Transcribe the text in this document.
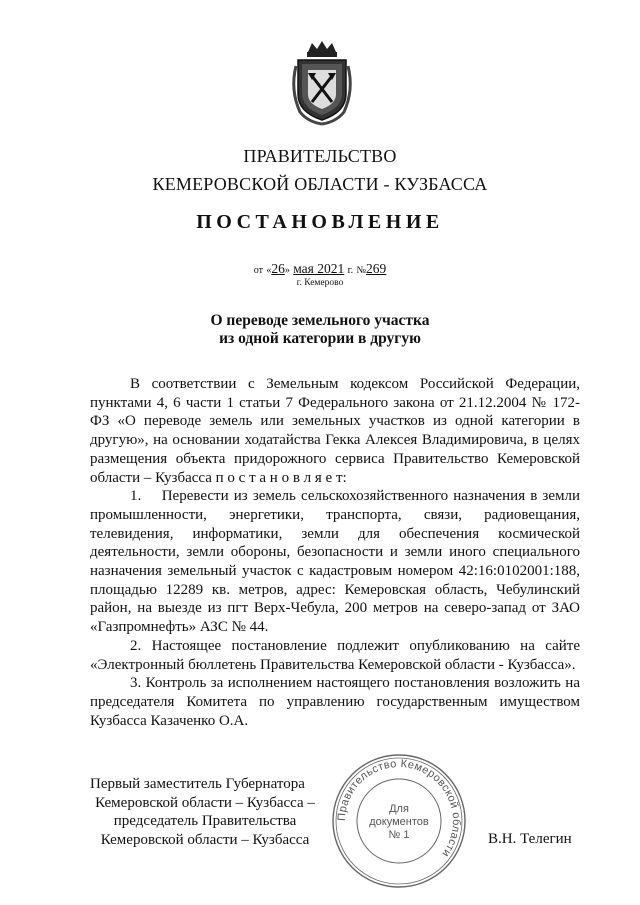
ПРАВИТЕЛЬСТВО
КЕМЕРОВСКОЙ ОБЛАСТИ - КУЗБАССА
ПОСТАНОВЛЕНИЕ
от «26» мая 2021 г. №269
г. Кемерово
О переводе земельного участка
из одной категории в другую

В соответствии с Земельным кодексом Российской Федерации, пунктами 4, 6 части 1 статьи 7 Федерального закона от 21.12.2004 № 172-ФЗ «О переводе земель или земельных участков из одной категории в другую», на основании ходатайства Гекка Алексея Владимировича, в целях размещения объекта придорожного сервиса Правительство Кемеровской области – Кузбасса п о с т а н о в л я е т:

1.    Перевести из земель сельскохозяйственного назначения в земли промышленности, энергетики, транспорта, связи, радиовещания, телевидения, информатики, земли для обеспечения космической деятельности, земли обороны, безопасности и земли иного специального назначения земельный участок с кадастровым номером 42:16:0102001:188, площадью 12289 кв. метров, адрес: Кемеровская область, Чебулинский район, на выезде из пгт Верх-Чебула, 200 метров на северо-запад от ЗАО «Газпромнефть» АЗС № 44.

2. Настоящее постановление подлежит опубликованию на сайте «Электронный бюллетень Правительства Кемеровской области - Кузбасса».

3. Контроль за исполнением настоящего постановления возложить на председателя Комитета по управлению государственным имуществом Кузбасса Казаченко О.А.

Первый заместитель Губернатора
Кемеровской области – Кузбасса –
председатель Правительства
Кемеровской области – Кузбасса
Правительство Кемеровской области
Для
документов
№ 1	В.Н. Телегин
